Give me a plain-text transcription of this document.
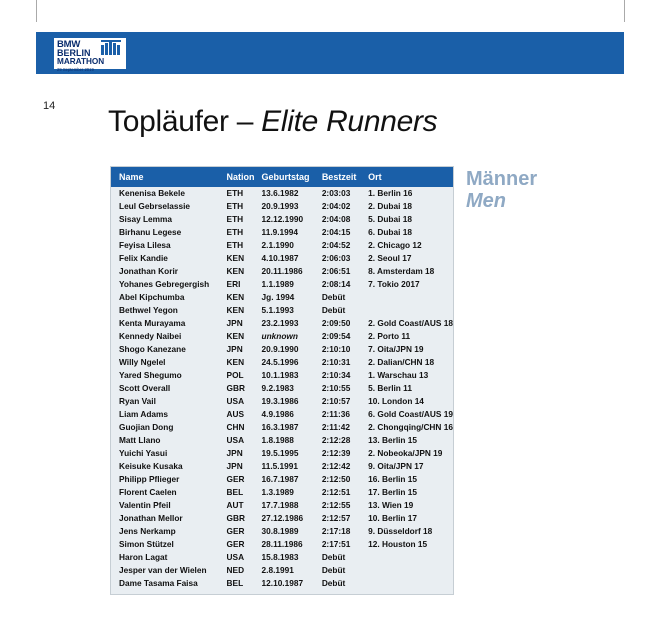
www.scc-events.com • www.scc-events.com • www.scc-events.com • www.scc-events.com • www.scc-events.com
BMW
BERLIN
MARATHON
29 September 2019
14 Topläufer – Elite Runners
Männer
Men
Name	Nation	Geburtstag	Bestzeit	Ort
Kenenisa Bekele	ETH	13.6.1982	2:03:03	1. Berlin 16
Leul Gebrselassie	ETH	20.9.1993	2:04:02	2. Dubai 18
Sisay Lemma	ETH	12.12.1990	2:04:08	5. Dubai 18
Birhanu Legese	ETH	11.9.1994	2:04:15	6. Dubai 18
Feyisa Lilesa	ETH	2.1.1990	2:04:52	2. Chicago 12
Felix Kandie	KEN	4.10.1987	2:06:03	2. Seoul 17
Jonathan Korir	KEN	20.11.1986	2:06:51	8. Amsterdam 18
Yohanes Gebregergish	ERI	1.1.1989	2:08:14	7. Tokio 2017
Abel Kipchumba	KEN	Jg. 1994	Debüt	
Bethwel Yegon	KEN	5.1.1993	Debüt	
Kenta Murayama	JPN	23.2.1993	2:09:50	2. Gold Coast/AUS 18
Kennedy Naibei	KEN	unknown	2:09:54	2. Porto 11
Shogo Kanezane	JPN	20.9.1990	2:10:10	7. Oita/JPN 19
Willy Ngelel	KEN	24.5.1996	2:10:31	2. Dalian/CHN 18
Yared Shegumo	POL	10.1.1983	2:10:34	1. Warschau 13
Scott Overall	GBR	9.2.1983	2:10:55	5. Berlin 11
Ryan Vail	USA	19.3.1986	2:10:57	10. London 14
Liam Adams	AUS	4.9.1986	2:11:36	6. Gold Coast/AUS 19
Guojian Dong	CHN	16.3.1987	2:11:42	2. Chongqing/CHN 16
Matt Llano	USA	1.8.1988	2:12:28	13. Berlin 15
Yuichi Yasui	JPN	19.5.1995	2:12:39	2. Nobeoka/JPN 19
Keisuke Kusaka	JPN	11.5.1991	2:12:42	9. Oita/JPN 17
Philipp Pflieger	GER	16.7.1987	2:12:50	16. Berlin 15
Florent Caelen	BEL	1.3.1989	2:12:51	17. Berlin 15
Valentin Pfeil	AUT	17.7.1988	2:12:55	13. Wien 19
Jonathan Mellor	GBR	27.12.1986	2:12:57	10. Berlin 17
Jens Nerkamp	GER	30.8.1989	2:17:18	9. Düsseldorf 18
Simon Stützel	GER	28.11.1986	2:17:51	12. Houston 15
Haron Lagat	USA	15.8.1983	Debüt	
Jesper van der Wielen	NED	2.8.1991	Debüt	
Dame Tasama Faisa	BEL	12.10.1987	Debüt	
